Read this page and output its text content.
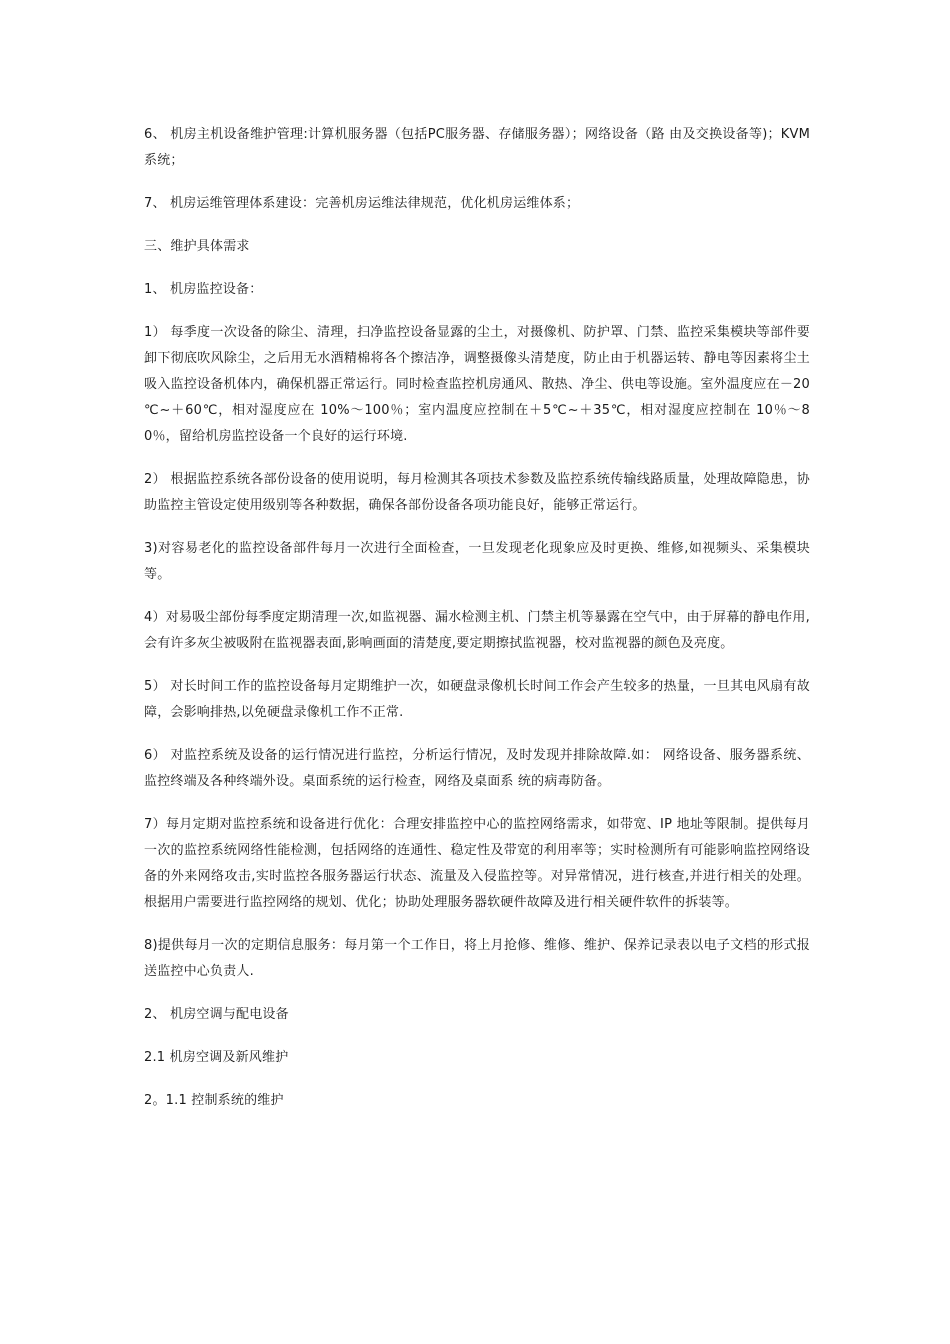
6、 机房主机设备维护管理:计算机服务器（包括PC服务器、存储服务器）；网络设备（路 由及交换设备等)；KVM 系统；

7、 机房运维管理体系建设：完善机房运维法律规范，优化机房运维体系；

三、维护具体需求

1、 机房监控设备：

1） 每季度一次设备的除尘、清理，扫净监控设备显露的尘土，对摄像机、防护罩、门禁、监控采集模块等部件要卸下彻底吹风除尘，之后用无水酒精棉将各个擦洁净，调整摄像头清楚度，防止由于机器运转、静电等因素将尘土吸入监控设备机体内，确保机器正常运行。同时检查监控机房通风、散热、净尘、供电等设施。室外温度应在－20 ℃~＋60℃，相对湿度应在 10%～100％；室内温度应控制在＋5℃~＋35℃，相对湿度应控制在 10％～80％，留给机房监控设备一个良好的运行环境.

2） 根据监控系统各部份设备的使用说明，每月检测其各项技术参数及监控系统传输线路质量，处理故障隐患，协助监控主管设定使用级别等各种数据，确保各部份设备各项功能良好，能够正常运行。

3)对容易老化的监控设备部件每月一次进行全面检查，一旦发现老化现象应及时更换、维修,如视频头、采集模块等。

4）对易吸尘部份每季度定期清理一次,如监视器、漏水检测主机、门禁主机等暴露在空气中，由于屏幕的静电作用,会有许多灰尘被吸附在监视器表面,影响画面的清楚度,要定期擦拭监视器，校对监视器的颜色及亮度。

5） 对长时间工作的监控设备每月定期维护一次，如硬盘录像机长时间工作会产生较多的热量，一旦其电风扇有故障，会影响排热,以免硬盘录像机工作不正常.

6） 对监控系统及设备的运行情况进行监控，分析运行情况，及时发现并排除故障.如： 网络设备、服务器系统、监控终端及各种终端外设。桌面系统的运行检查，网络及桌面系 统的病毒防备。

7）每月定期对监控系统和设备进行优化：合理安排监控中心的监控网络需求，如带宽、IP 地址等限制。提供每月一次的监控系统网络性能检测，包括网络的连通性、稳定性及带宽的利用率等；实时检测所有可能影响监控网络设备的外来网络攻击,实时监控各服务器运行状态、流量及入侵监控等。对异常情况，进行核查,并进行相关的处理。根据用户需要进行监控网络的规划、优化；协助处理服务器软硬件故障及进行相关硬件软件的拆装等。

8)提供每月一次的定期信息服务：每月第一个工作日，将上月抢修、维修、维护、保养记录表以电子文档的形式报送监控中心负责人.

2、 机房空调与配电设备

2.1 机房空调及新风维护

2。1.1 控制系统的维护
